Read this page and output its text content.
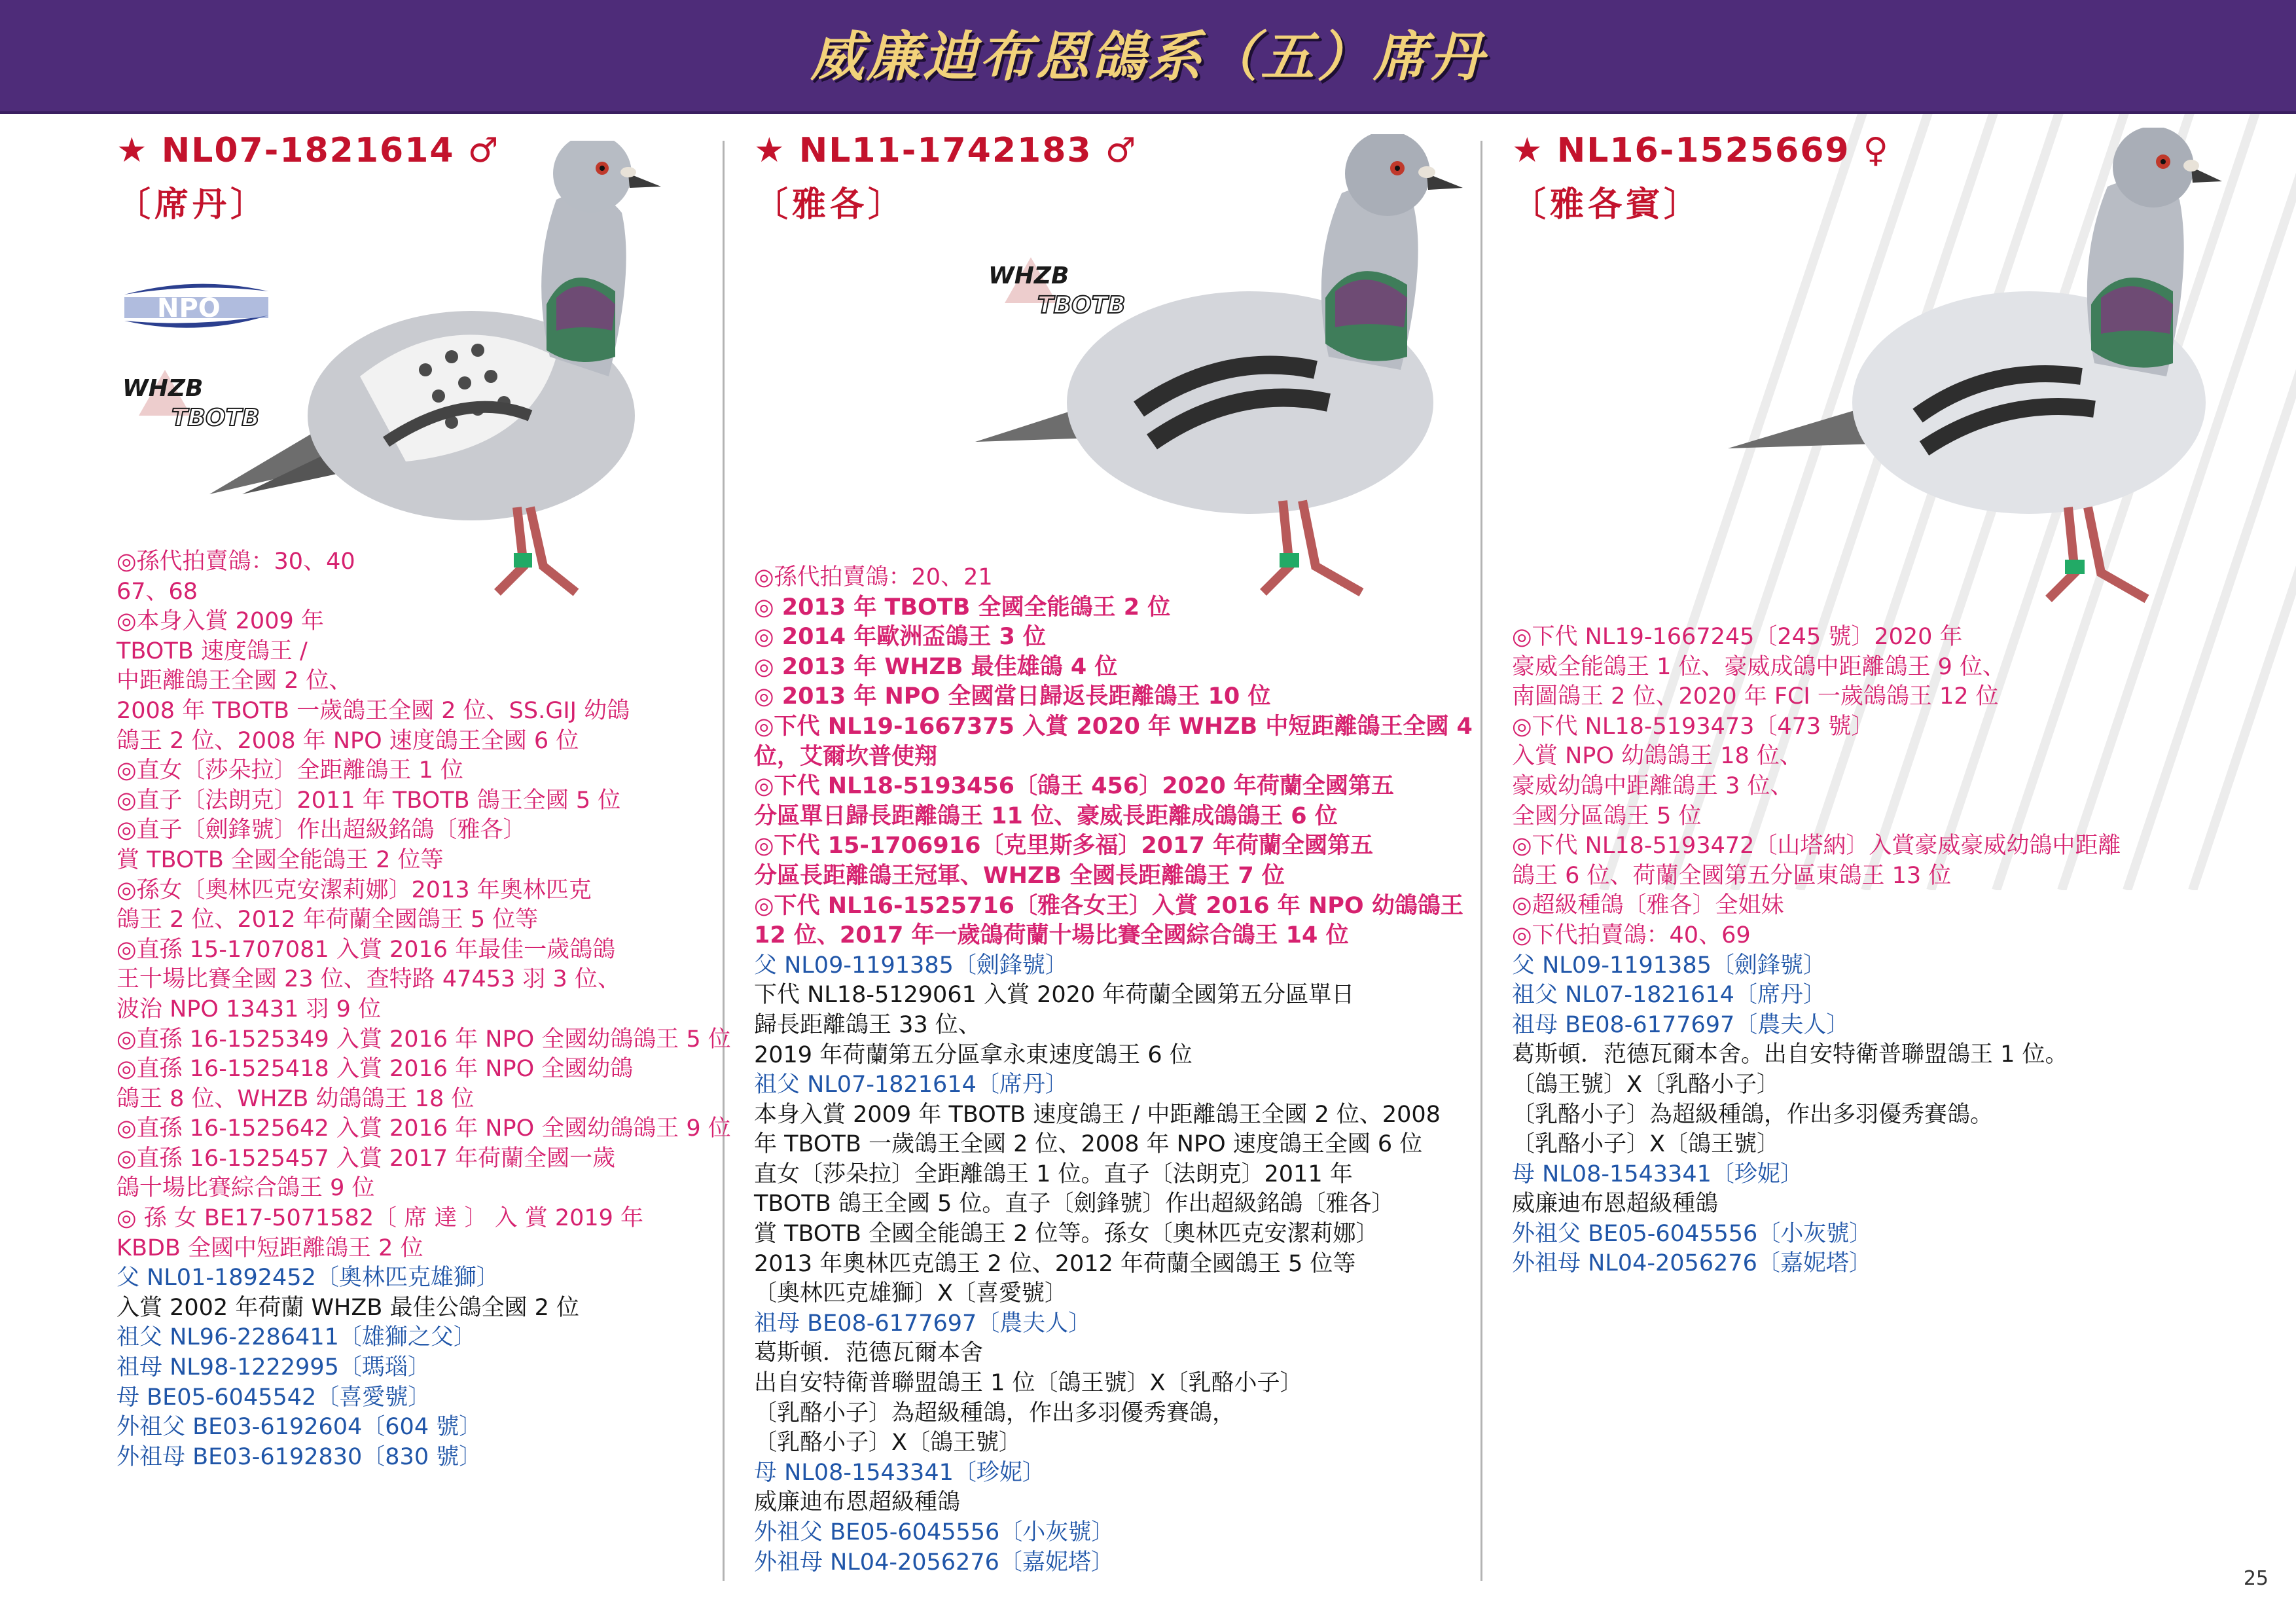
威廉迪布恩鴿系（五）席丹
★ NL07-1821614 ♂
〔席丹〕
NPO
WHZB
TBOTB
◎孫代拍賣鴿：30、40
67、68
◎本身入賞 2009 年
TBOTB 速度鴿王 /
中距離鴿王全國 2 位、
2008 年 TBOTB 一歲鴿王全國 2 位、SS.GIJ 幼鴿
鴿王 2 位、2008 年 NPO 速度鴿王全國 6 位
◎直女〔莎朵拉〕全距離鴿王 1 位
◎直子〔法朗克〕2011 年 TBOTB 鴿王全國 5 位
◎直子〔劍鋒號〕作出超級銘鴿〔雅各〕
賞 TBOTB 全國全能鴿王 2 位等
◎孫女〔奧林匹克安潔莉娜〕2013 年奧林匹克
鴿王 2 位、2012 年荷蘭全國鴿王 5 位等
◎直孫 15-1707081 入賞 2016 年最佳一歲鴿鴿
王十場比賽全國 23 位、查特路 47453 羽 3 位、
波治 NPO 13431 羽 9 位
◎直孫 16-1525349 入賞 2016 年 NPO 全國幼鴿鴿王 5 位
◎直孫 16-1525418 入賞 2016 年 NPO 全國幼鴿
鴿王 8 位、WHZB 幼鴿鴿王 18 位
◎直孫 16-1525642 入賞 2016 年 NPO 全國幼鴿鴿王 9 位
◎直孫 16-1525457 入賞 2017 年荷蘭全國一歲
鴿十場比賽綜合鴿王 9 位
◎ 孫 女 BE17-5071582〔 席 達 〕 入 賞 2019 年
KBDB 全國中短距離鴿王 2 位
父 NL01-1892452〔奧林匹克雄獅〕
入賞 2002 年荷蘭 WHZB 最佳公鴿全國 2 位
祖父 NL96-2286411〔雄獅之父〕
祖母 NL98-1222995〔瑪瑙〕
母 BE05-6045542〔喜愛號〕
外祖父 BE03-6192604〔604 號〕
外祖母 BE03-6192830〔830 號〕
★ NL11-1742183 ♂
〔雅各〕
WHZB
TBOTB
◎孫代拍賣鴿：20、21
◎ 2013 年 TBOTB 全國全能鴿王 2 位
◎ 2014 年歐洲盃鴿王 3 位
◎ 2013 年 WHZB 最佳雄鴿 4 位
◎ 2013 年 NPO 全國當日歸返長距離鴿王 10 位
◎下代 NL19-1667375 入賞 2020 年 WHZB 中短距離鴿王全國 4
位，艾爾坎普使翔
◎下代 NL18-5193456〔鴿王 456〕2020 年荷蘭全國第五
分區單日歸長距離鴿王 11 位、豪威長距離成鴿鴿王 6 位
◎下代 15-1706916〔克里斯多福〕2017 年荷蘭全國第五
分區長距離鴿王冠軍、WHZB 全國長距離鴿王 7 位
◎下代 NL16-1525716〔雅各女王〕入賞 2016 年 NPO 幼鴿鴿王
12 位、2017 年一歲鴿荷蘭十場比賽全國綜合鴿王 14 位
父 NL09-1191385〔劍鋒號〕
下代 NL18-5129061 入賞 2020 年荷蘭全國第五分區單日
歸長距離鴿王 33 位、
2019 年荷蘭第五分區拿永東速度鴿王 6 位
祖父 NL07-1821614〔席丹〕
本身入賞 2009 年 TBOTB 速度鴿王 / 中距離鴿王全國 2 位、2008
年 TBOTB 一歲鴿王全國 2 位、2008 年 NPO 速度鴿王全國 6 位
直女〔莎朵拉〕全距離鴿王 1 位。直子〔法朗克〕2011 年
TBOTB 鴿王全國 5 位。直子〔劍鋒號〕作出超級銘鴿〔雅各〕
賞 TBOTB 全國全能鴿王 2 位等。孫女〔奧林匹克安潔莉娜〕
2013 年奧林匹克鴿王 2 位、2012 年荷蘭全國鴿王 5 位等
〔奧林匹克雄獅〕X〔喜愛號〕
祖母 BE08-6177697〔農夫人〕
葛斯頓．范德瓦爾本舍
出自安特衛普聯盟鴿王 1 位〔鴿王號〕X〔乳酪小子〕
〔乳酪小子〕為超級種鴿，作出多羽優秀賽鴿，
〔乳酪小子〕X〔鴿王號〕
母 NL08-1543341〔珍妮〕
威廉迪布恩超級種鴿
外祖父 BE05-6045556〔小灰號〕
外祖母 NL04-2056276〔嘉妮塔〕
★ NL16-1525669 ♀
〔雅各賓〕
◎下代 NL19-1667245〔245 號〕2020 年
豪威全能鴿王 1 位、豪威成鴿中距離鴿王 9 位、
南圖鴿王 2 位、2020 年 FCI 一歲鴿鴿王 12 位
◎下代 NL18-5193473〔473 號〕
入賞 NPO 幼鴿鴿王 18 位、
豪威幼鴿中距離鴿王 3 位、
全國分區鴿王 5 位
◎下代 NL18-5193472〔山塔納〕入賞豪威豪威幼鴿中距離
鴿王 6 位、荷蘭全國第五分區東鴿王 13 位
◎超級種鴿〔雅各〕全姐妹
◎下代拍賣鴿：40、69
父 NL09-1191385〔劍鋒號〕
祖父 NL07-1821614〔席丹〕
祖母 BE08-6177697〔農夫人〕
葛斯頓．范德瓦爾本舍。出自安特衛普聯盟鴿王 1 位。
〔鴿王號〕X〔乳酪小子〕
〔乳酪小子〕為超級種鴿，作出多羽優秀賽鴿。
〔乳酪小子〕X〔鴿王號〕
母 NL08-1543341〔珍妮〕
威廉迪布恩超級種鴿
外祖父 BE05-6045556〔小灰號〕
外祖母 NL04-2056276〔嘉妮塔〕
25
